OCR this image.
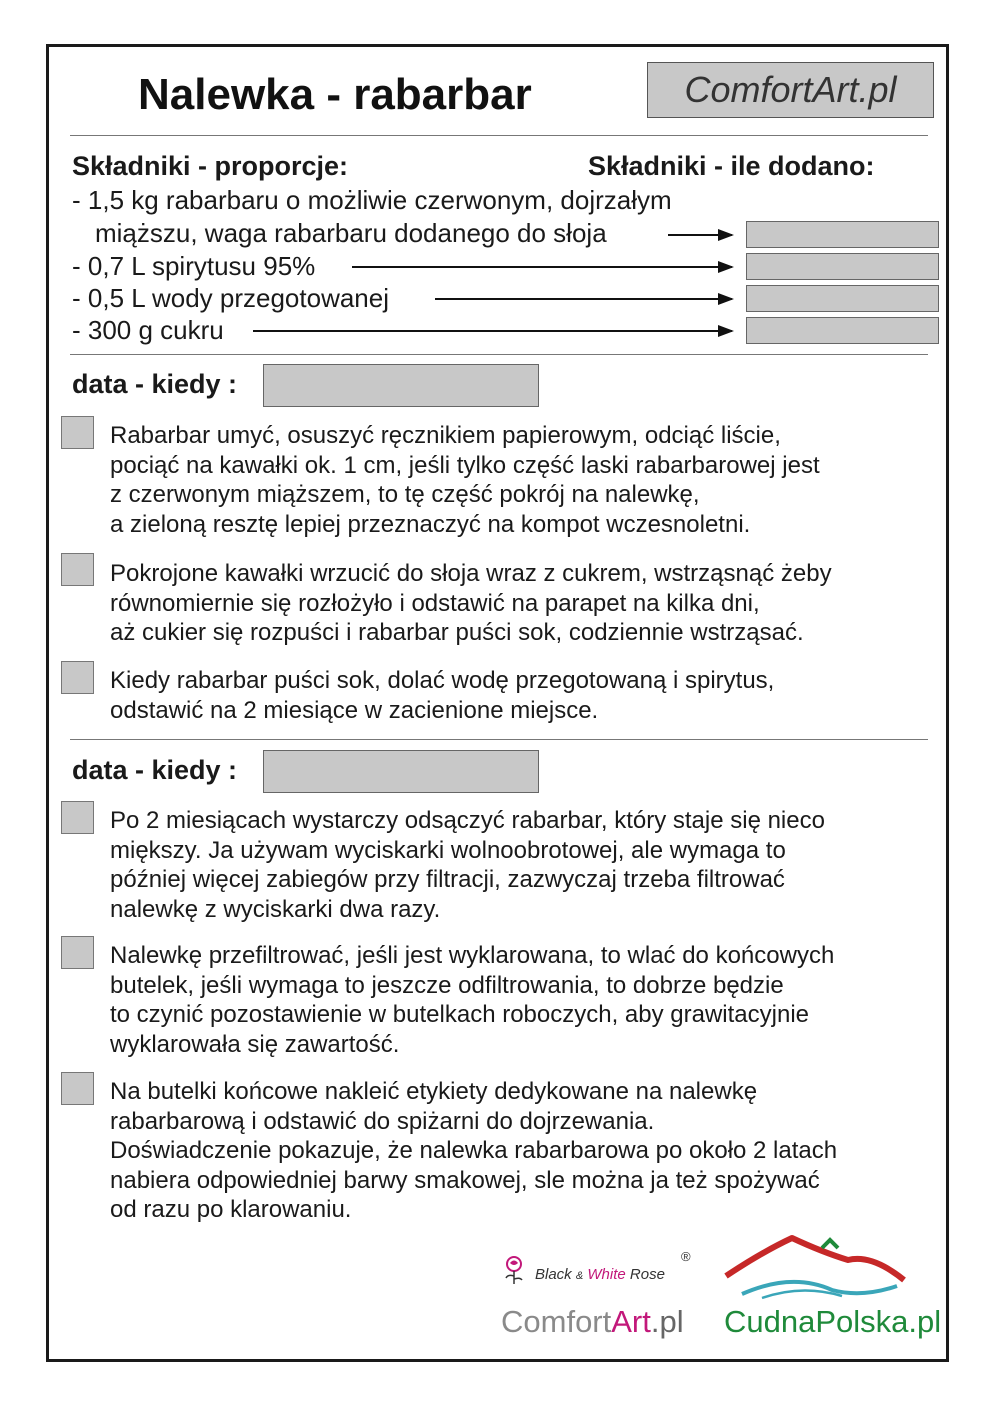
Nalewka - rabarbar	ComfortArt.pl
Składniki - proporcje:	Składniki - ile dodano:
- 1,5 kg rabarbaru o możliwie czerwonym, dojrzałym
miąższu, waga rabarbaru dodanego do słoja
- 0,7 L spirytusu 95%
- 0,5 L wody przegotowanej
- 300 g cukru
data - kiedy :
Rabarbar umyć, osuszyć ręcznikiem papierowym, odciąć liście,
pociąć na kawałki ok. 1 cm, jeśli tylko część laski rabarbarowej jest
z czerwonym miąższem, to tę część pokrój na nalewkę,
a zieloną resztę lepiej przeznaczyć na kompot wczesnoletni.
Pokrojone kawałki wrzucić do słoja wraz z cukrem, wstrząsnąć żeby
równomiernie się rozłożyło i odstawić na parapet na kilka dni,
aż cukier się rozpuści i rabarbar puści sok, codziennie wstrząsać.
Kiedy rabarbar puści sok, dolać wodę przegotowaną i spirytus,
odstawić na 2 miesiące w zacienione miejsce.
data - kiedy :
Po 2 miesiącach wystarczy odsączyć rabarbar, który staje się nieco
miększy. Ja używam wyciskarki wolnoobrotowej, ale wymaga to
później więcej zabiegów przy filtracji, zazwyczaj trzeba filtrować
nalewkę z wyciskarki dwa razy.
Nalewkę przefiltrować, jeśli jest wyklarowana, to wlać do końcowych
butelek, jeśli wymaga to jeszcze odfiltrowania, to dobrze będzie
to czynić pozostawienie w butelkach roboczych, aby grawitacyjnie
wyklarowała się zawartość.
Na butelki końcowe nakleić etykiety dedykowane na nalewkę
rabarbarową i odstawić do spiżarni do dojrzewania.
Doświadczenie pokazuje, że nalewka rabarbarowa po około 2 latach
nabiera odpowiedniej barwy smakowej, sle można ja też spożywać
od razu po klarowaniu.
Black & White Rose
®
ComfortArt.pl CudnaPolska.pl
